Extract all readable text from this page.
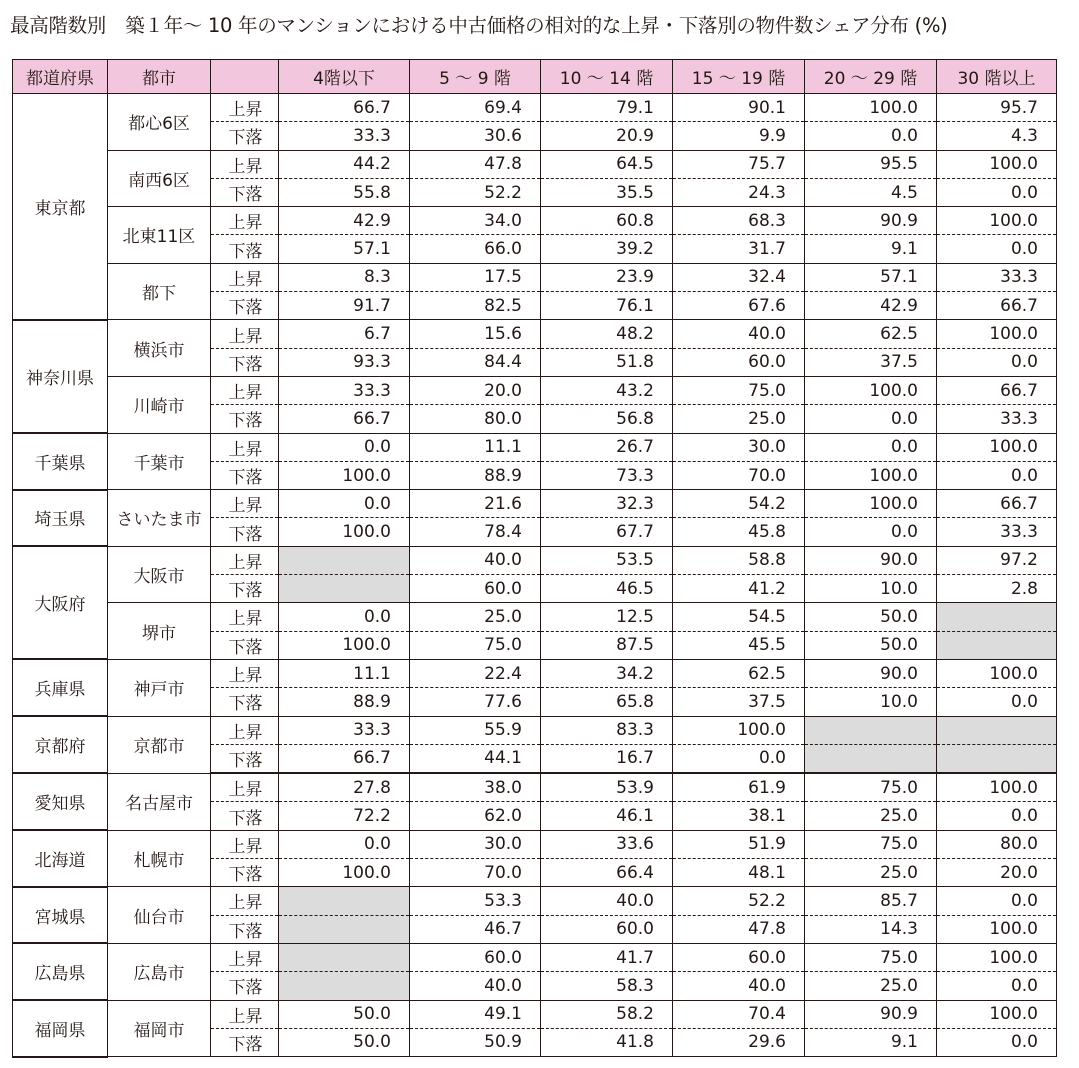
最高階数別　築１年～ 10 年のマンションにおける中古価格の相対的な上昇・下落別の物件数シェア分布 (%)
都道府県	都市		4階以下	5 ～ 9 階	10 ～ 14 階	15 ～ 19 階	20 ～ 29 階	30 階以上
東京都	都心6区	上昇	66.7	69.4	79.1	90.1	100.0	95.7
		下落	33.3	30.6	20.9	9.9	0.0	4.3
	南西6区	上昇	44.2	47.8	64.5	75.7	95.5	100.0
		下落	55.8	52.2	35.5	24.3	4.5	0.0
	北東11区	上昇	42.9	34.0	60.8	68.3	90.9	100.0
		下落	57.1	66.0	39.2	31.7	9.1	0.0
	都下	上昇	8.3	17.5	23.9	32.4	57.1	33.3
		下落	91.7	82.5	76.1	67.6	42.9	66.7
神奈川県	横浜市	上昇	6.7	15.6	48.2	40.0	62.5	100.0
		下落	93.3	84.4	51.8	60.0	37.5	0.0
	川崎市	上昇	33.3	20.0	43.2	75.0	100.0	66.7
		下落	66.7	80.0	56.8	25.0	0.0	33.3
千葉県	千葉市	上昇	0.0	11.1	26.7	30.0	0.0	100.0
		下落	100.0	88.9	73.3	70.0	100.0	0.0
埼玉県	さいたま市	上昇	0.0	21.6	32.3	54.2	100.0	66.7
		下落	100.0	78.4	67.7	45.8	0.0	33.3
大阪府	大阪市	上昇		40.0	53.5	58.8	90.0	97.2
		下落		60.0	46.5	41.2	10.0	2.8
	堺市	上昇	0.0	25.0	12.5	54.5	50.0	
		下落	100.0	75.0	87.5	45.5	50.0	
兵庫県	神戸市	上昇	11.1	22.4	34.2	62.5	90.0	100.0
		下落	88.9	77.6	65.8	37.5	10.0	0.0
京都府	京都市	上昇	33.3	55.9	83.3	100.0		
		下落	66.7	44.1	16.7	0.0		
愛知県	名古屋市	上昇	27.8	38.0	53.9	61.9	75.0	100.0
		下落	72.2	62.0	46.1	38.1	25.0	0.0
北海道	札幌市	上昇	0.0	30.0	33.6	51.9	75.0	80.0
		下落	100.0	70.0	66.4	48.1	25.0	20.0
宮城県	仙台市	上昇		53.3	40.0	52.2	85.7	0.0
		下落		46.7	60.0	47.8	14.3	100.0
広島県	広島市	上昇		60.0	41.7	60.0	75.0	100.0
		下落		40.0	58.3	40.0	25.0	0.0
福岡県	福岡市	上昇	50.0	49.1	58.2	70.4	90.9	100.0
		下落	50.0	50.9	41.8	29.6	9.1	0.0
